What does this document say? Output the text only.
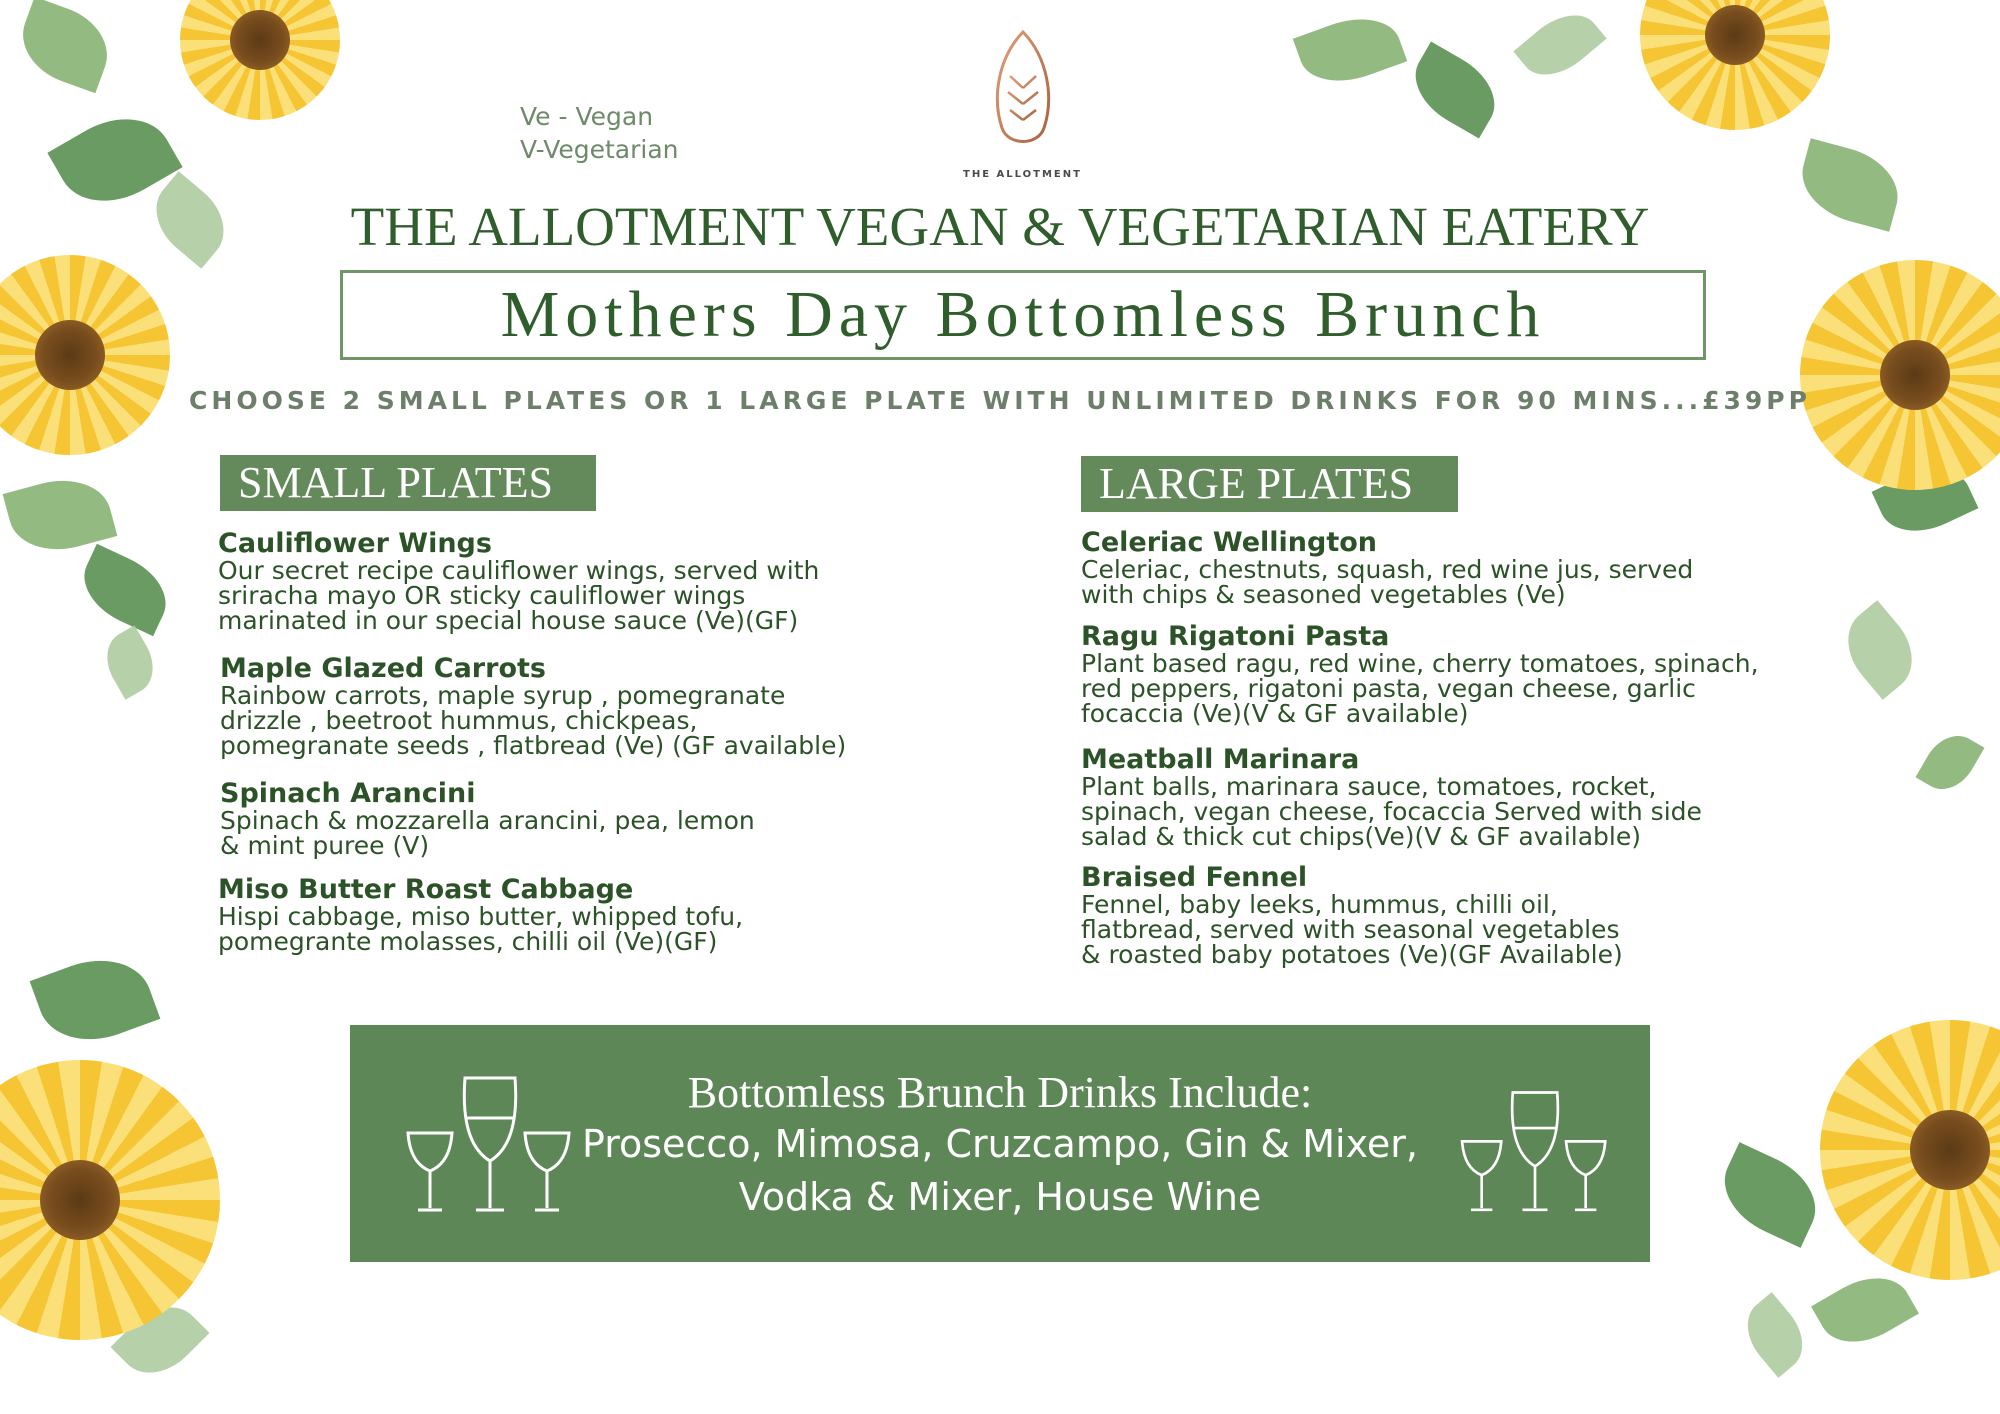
Ve - Vegan
V-Vegetarian
THE ALLOTMENT
THE ALLOTMENT VEGAN & VEGETARIAN EATERY
Mothers Day Bottomless Brunch
CHOOSE 2 SMALL PLATES OR 1 LARGE PLATE WITH UNLIMITED DRINKS FOR 90 MINS...£39PP
SMALL PLATES
Cauliflower Wings
Our secret recipe cauliflower wings, served with
sriracha mayo OR sticky cauliflower wings
marinated in our special house sauce (Ve)(GF)
Maple Glazed Carrots
Rainbow carrots, maple syrup , pomegranate
drizzle , beetroot hummus, chickpeas,
pomegranate seeds , flatbread (Ve) (GF available)
Spinach Arancini
Spinach & mozzarella arancini, pea, lemon
& mint puree (V)
Miso Butter Roast Cabbage
Hispi cabbage, miso butter, whipped tofu,
pomegrante molasses, chilli oil (Ve)(GF)
LARGE PLATES
Celeriac Wellington
Celeriac, chestnuts, squash, red wine jus, served
with chips & seasoned vegetables (Ve)
Ragu Rigatoni Pasta
Plant based ragu, red wine, cherry tomatoes, spinach,
red peppers, rigatoni pasta, vegan cheese, garlic
focaccia (Ve)(V & GF available)
Meatball Marinara
Plant balls, marinara sauce, tomatoes, rocket,
spinach, vegan cheese, focaccia Served with side
salad & thick cut chips(Ve)(V & GF available)
Braised Fennel
Fennel, baby leeks, hummus, chilli oil,
flatbread, served with seasonal vegetables
& roasted baby potatoes (Ve)(GF Available)
Bottomless Brunch Drinks Include:
Prosecco, Mimosa, Cruzcampo, Gin & Mixer,
Vodka & Mixer, House Wine
